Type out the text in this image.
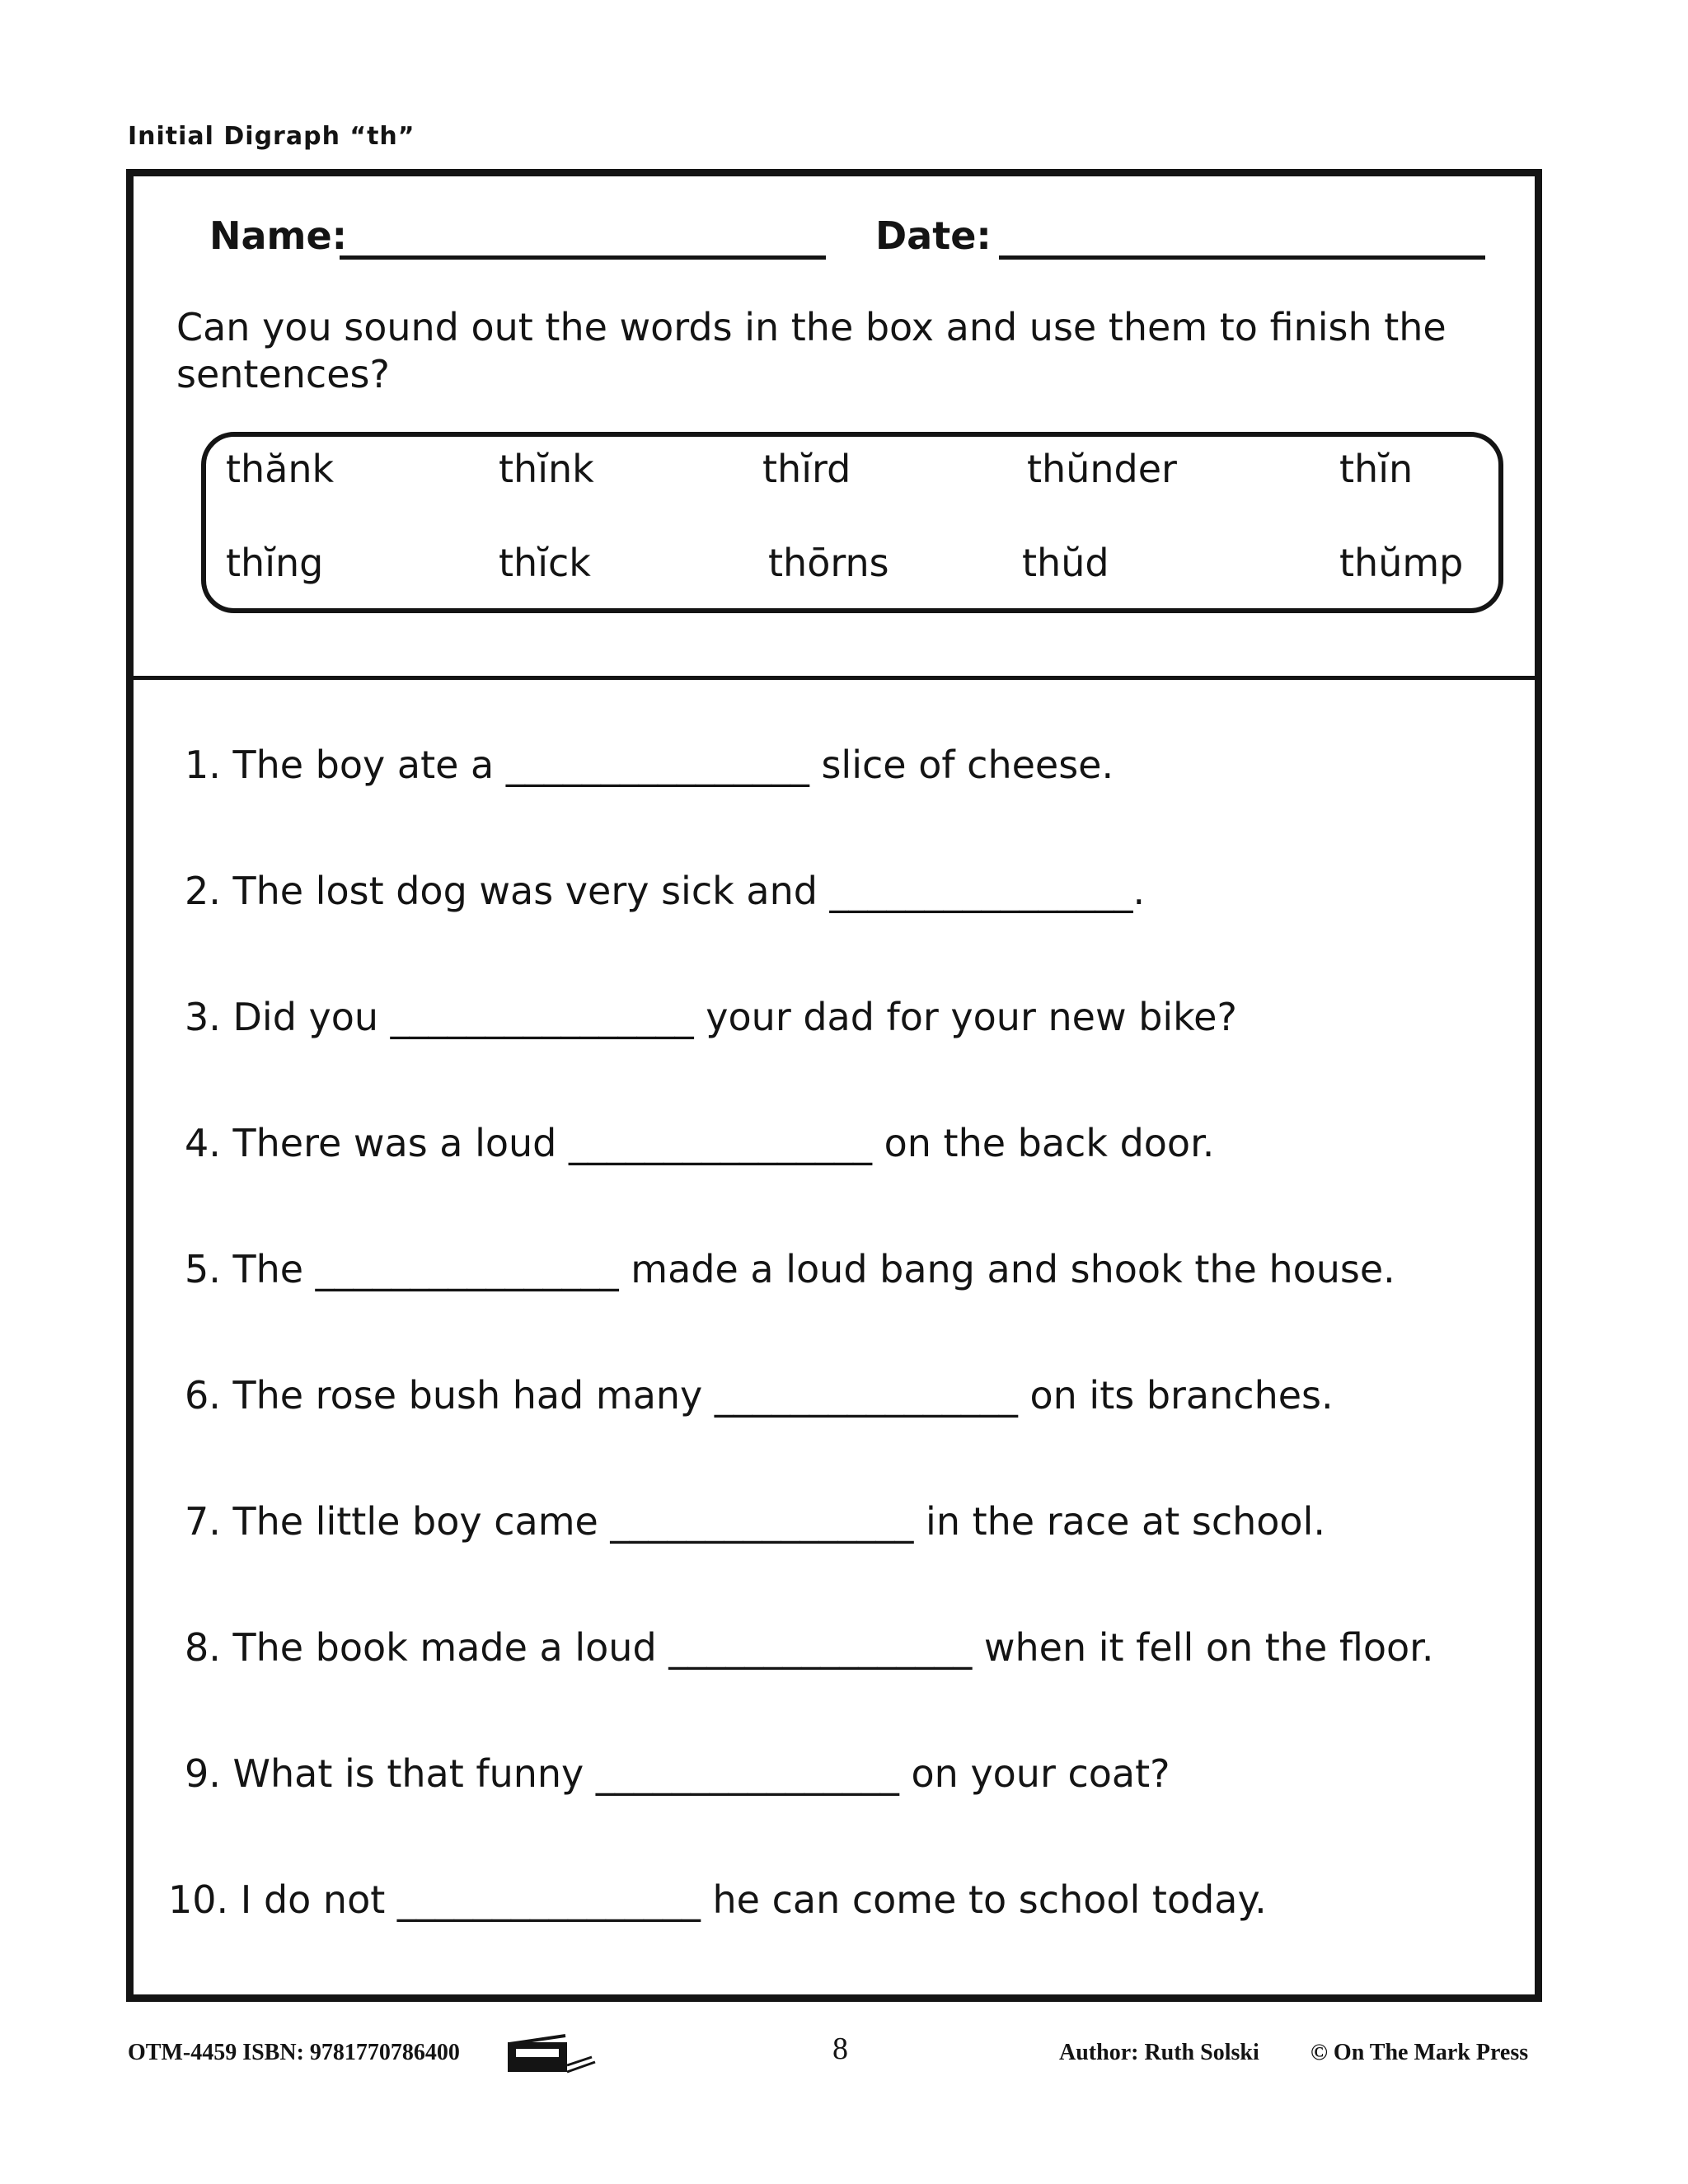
Initial Digraph “th”
Name:	Date:
Can you sound out the words in the box and use them to finish the sentences?
thănk	thĭnk	thĭrd	thŭnder	thĭn
thĭng	thĭck	thōrns	thŭd	thŭmp
1. The boy ate a ________________ slice of cheese.
2. The lost dog was very sick and ________________.
3. Did you ________________ your dad for your new bike?
4. There was a loud ________________ on the back door.
5. The ________________ made a loud bang and shook the house.
6. The rose bush had many ________________ on its branches.
7. The little boy came ________________ in the race at school.
8. The book made a loud ________________ when it fell on the floor.
9. What is that funny ________________ on your coat?
10. I do not ________________ he can come to school today.
OTM-4459 ISBN: 9781770786400	8	Author: Ruth Solski © On The Mark Press
